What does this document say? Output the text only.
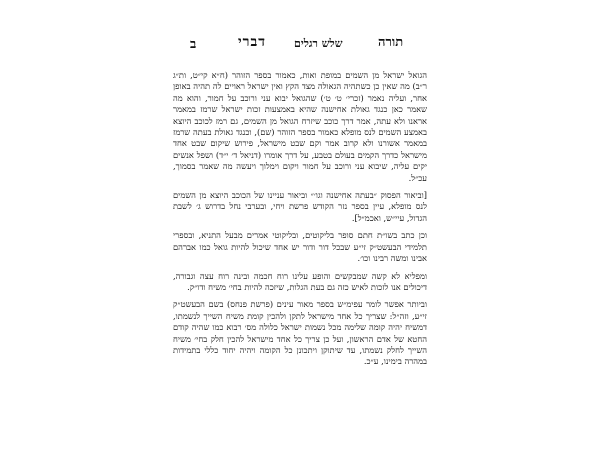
ב	דברי	שלש רגלים	תורה

הגואל ישראל מן השמים במופת ואות, כאמור בספר הזוהר (ח״א קי״ט, ות״ג ר״ב) מה שאין כן כשתהיה הגאולה מצד הקץ ואין ישראל ראויים לה תהיה באופן אחר, ועליה נאמר (זכרי׳ ט׳ ט׳) שהגואל יבוא עני ורוכב על חמור, והוא מה שאמר כאן כנגד גאולת אחישנה שהיא באמצעות זכות ישראל שרמז במאמר אראנו ולא עתה, אמר דרך כוכב שיזרח הגואל מן השמים, גם רמז לכוכב היוצא באמצע השמים לנס מופלא כאמור בספר הזוהר (שם), וכנגד גאולת בעתה שרמז במאמר אשורנו ולא קרוב אמר וקם שבט מישראל, פירוש שיקום שבט אחד מישראל כדרך הקמים בעולם בטבע, על דרך אומרו (דניאל ד׳ י״ד) ושפל אנשים יקים עליה, שיבוא עני ורוכב על חמור ויקום וימלוך ויעשה מה שאמר בסמוך, עכ״ל.

[וביאור הפסוק ״בעתה אחישנה וגו׳״ וביאור עניינו של הכוכב היוצא מן השמים לנס מופלא, עיין בספר נזר הקודש פרשת ויחי, ובערבי נחל בדרוש ג׳ לשבת הגדול, עיי״ש, ואכמ״ל].

וכן כתב בשו״ת חתם סופר בליקוטים, ובליקוטי אמרים מבעל התניא, ובספרי תלמידי הבעשט״ק זי״ע שבכל דור ודור יש אחד שיכול להיות גואל כמו אברהם אבינו ומשה רבינו וכו׳.

ומפליא לא קשה שמבקשים והופע עלינו רוח חכמה ובינה רוח עצה וגבורה, דיכולים אנו לזכות לאיש כזה גם בעת הגלות, שיזכה להיות בחי׳ משיח ודו״ק.

וביותר אפשר לומר עפימ״ש בספר מאור עינים (פרשת פנחס) בשם הבעשט״ק זי״ע, וזה״ל: שצריך כל אחד מישראל לתקן ולהכין קומת משיח השייך לנשמתו, דמשיח יהיה קומה שלימה מכל נשמות ישראל כלולה מס׳ רבוא כמו שהיה קודם החטא של אדם הראשון, ועל כן צריך כל אחד מישראל להכין חלק בחי׳ משיח השייך לחלק נשמתו, עד שיתוקן ויתכונן כל הקומה ויהיה יחוד כללי בתמידות במהרה בימינו, ע״כ.
